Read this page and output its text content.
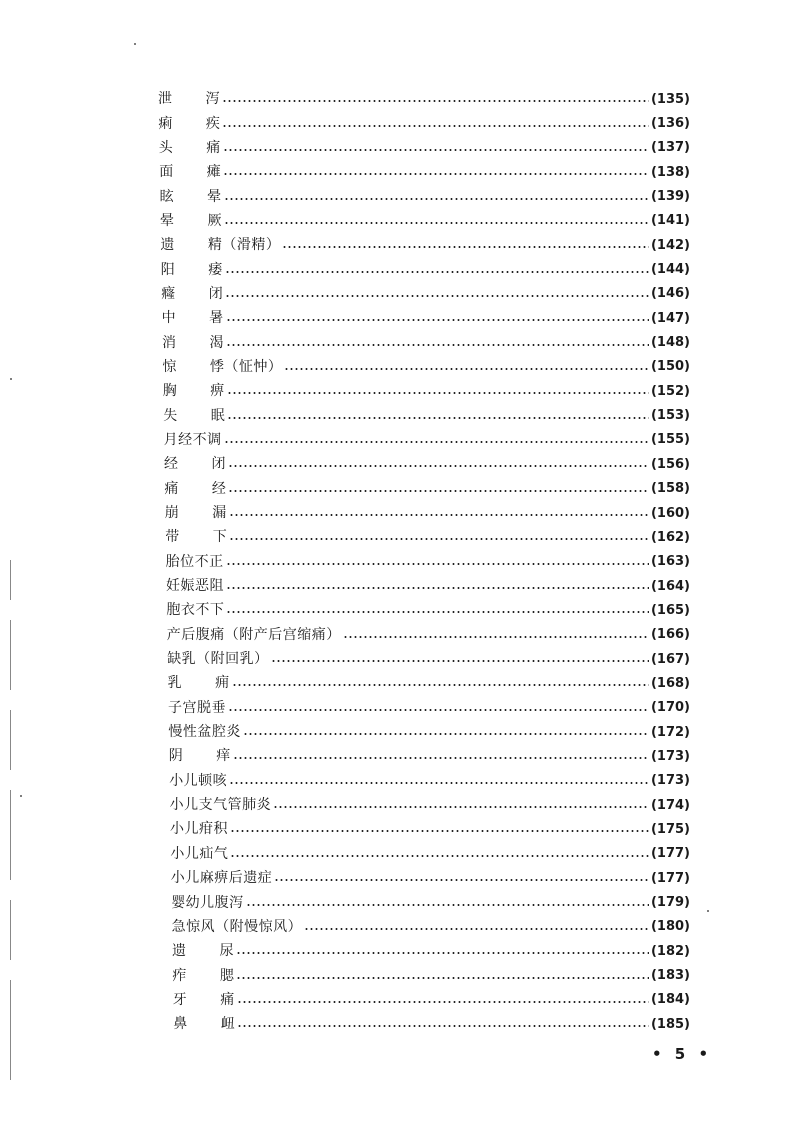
泄 泻	(135)
痢 疾	(136)
头 痛	(137)
面 瘫	(138)
眩 晕	(139)
晕 厥	(141)
遗 精（滑精）	(142)
阳 痿	(144)
癃 闭	(146)
中 暑	(147)
消 渴	(148)
惊 悸（怔忡）	(150)
胸 痹	(152)
失 眠	(153)
月经不调	(155)
经 闭	(156)
痛 经	(158)
崩 漏	(160)
带 下	(162)
胎位不正	(163)
妊娠恶阻	(164)
胞衣不下	(165)
产后腹痛（附产后宫缩痛）	(166)
缺乳（附回乳）	(167)
乳 痈	(168)
子宫脱垂	(170)
慢性盆腔炎	(172)
阴 痒	(173)
小儿顿咳	(173)
小儿支气管肺炎	(174)
小儿疳积	(175)
小儿疝气	(177)
小儿麻痹后遗症	(177)
婴幼儿腹泻	(179)
急惊风（附慢惊风）	(180)
遗 尿	(182)
痄 腮	(183)
牙 痛	(184)
鼻 衄	(185)
• 5 •
